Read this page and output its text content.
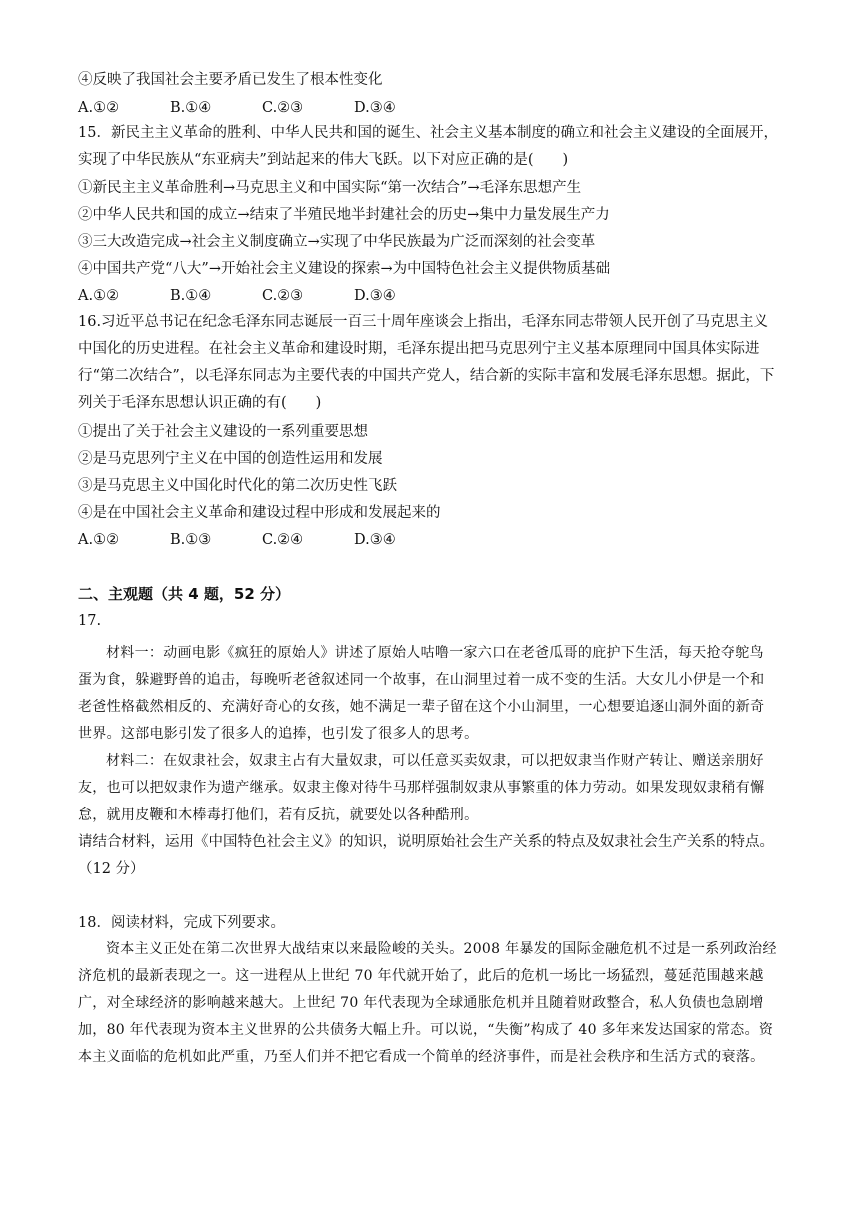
④反映了我国社会主要矛盾已发生了根本性变化
A.①②	B.①④	C.②③	D.③④
15．新民主主义革命的胜利、中华人民共和国的诞生、社会主义基本制度的确立和社会主义建设的全面展开，实现了中华民族从“东亚病夫”到站起来的伟大飞跃。以下对应正确的是(　　)
①新民主主义革命胜利→马克思主义和中国实际“第一次结合”→毛泽东思想产生
②中华人民共和国的成立→结束了半殖民地半封建社会的历史→集中力量发展生产力
③三大改造完成→社会主义制度确立→实现了中华民族最为广泛而深刻的社会变革
④中国共产党“八大”→开始社会主义建设的探索→为中国特色社会主义提供物质基础
A.①②	B.①④	C.②③	D.③④
16.习近平总书记在纪念毛泽东同志诞辰一百三十周年座谈会上指出，毛泽东同志带领人民开创了马克思主义中国化的历史进程。在社会主义革命和建设时期，毛泽东提出把马克思列宁主义基本原理同中国具体实际进行“第二次结合”，以毛泽东同志为主要代表的中国共产党人，结合新的实际丰富和发展毛泽东思想。据此，下列关于毛泽东思想认识正确的有(　　)
①提出了关于社会主义建设的一系列重要思想
②是马克思列宁主义在中国的创造性运用和发展
③是马克思主义中国化时代化的第二次历史性飞跃
④是在中国社会主义革命和建设过程中形成和发展起来的
A.①②	B.①③	C.②④	D.③④
二、主观题（共 4 题，52 分）
17.
材料一：动画电影《疯狂的原始人》讲述了原始人咕噜一家六口在老爸瓜哥的庇护下生活，每天抢夺鸵鸟蛋为食，躲避野兽的追击，每晚听老爸叙述同一个故事，在山洞里过着一成不变的生活。大女儿小伊是一个和老爸性格截然相反的、充满好奇心的女孩，她不满足一辈子留在这个小山洞里，一心想要追逐山洞外面的新奇世界。这部电影引发了很多人的追捧，也引发了很多人的思考。
材料二：在奴隶社会，奴隶主占有大量奴隶，可以任意买卖奴隶，可以把奴隶当作财产转让、赠送亲朋好友，也可以把奴隶作为遗产继承。奴隶主像对待牛马那样强制奴隶从事繁重的体力劳动。如果发现奴隶稍有懈怠，就用皮鞭和木棒毒打他们，若有反抗，就要处以各种酷刑。
请结合材料，运用《中国特色社会主义》的知识，说明原始社会生产关系的特点及奴隶社会生产关系的特点。（12 分）
18．阅读材料，完成下列要求。
资本主义正处在第二次世界大战结束以来最险峻的关头。2008 年暴发的国际金融危机不过是一系列政治经济危机的最新表现之一。这一进程从上世纪 70 年代就开始了，此后的危机一场比一场猛烈，蔓延范围越来越广，对全球经济的影响越来越大。上世纪 70 年代表现为全球通胀危机并且随着财政整合，私人负债也急剧增加，80 年代表现为资本主义世界的公共债务大幅上升。可以说，“失衡”构成了 40 多年来发达国家的常态。资本主义面临的危机如此严重，乃至人们并不把它看成一个简单的经济事件，而是社会秩序和生活方式的衰落。
